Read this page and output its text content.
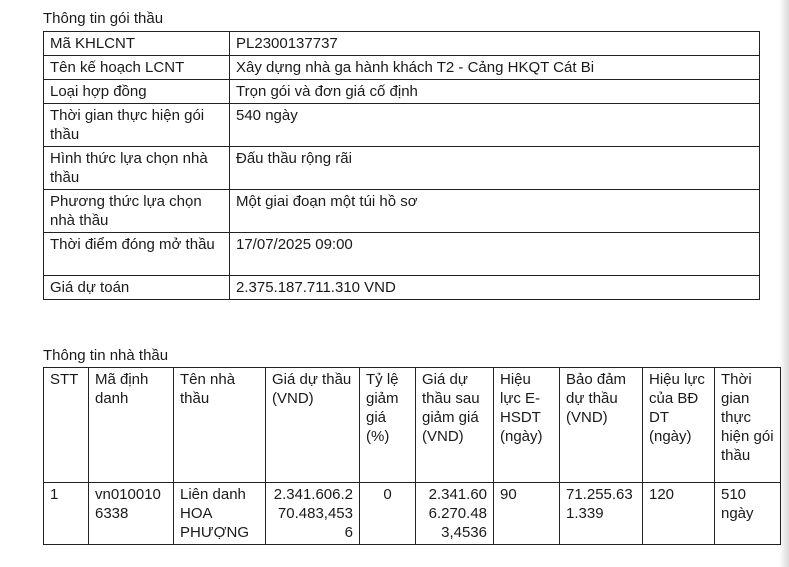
Thông tin gói thầu
Mã KHLCNT	PL2300137737
Tên kế hoạch LCNT	Xây dựng nhà ga hành khách T2 - Cảng HKQT Cát Bi
Loại hợp đồng	Trọn gói và đơn giá cố định
Thời gian thực hiện gói thầu	540 ngày
Hình thức lựa chọn nhà thầu	Đấu thầu rộng rãi
Phương thức lựa chọn nhà thầu	Một giai đoạn một túi hồ sơ
Thời điểm đóng mở thầu	17/07/2025 09:00
Giá dự toán	2.375.187.711.310 VND
Thông tin nhà thầu
STT	Mã định danh	Tên nhà thầu	Giá dự thầu (VND)	Tỷ lệ giảm giá (%)	Giá dự thầu sau giảm giá (VND)	Hiệu lực E-HSDT (ngày)	Bảo đảm dự thầu (VND)	Hiệu lực của BĐ DT (ngày)	Thời gian thực hiện gói thầu
1	vn0100106338	Liên danh HOA PHƯỢNG	2.341.606.270.483,4536	0	2.341.606.270.483,4536	90	71.255.631.339	120	510 ngày
